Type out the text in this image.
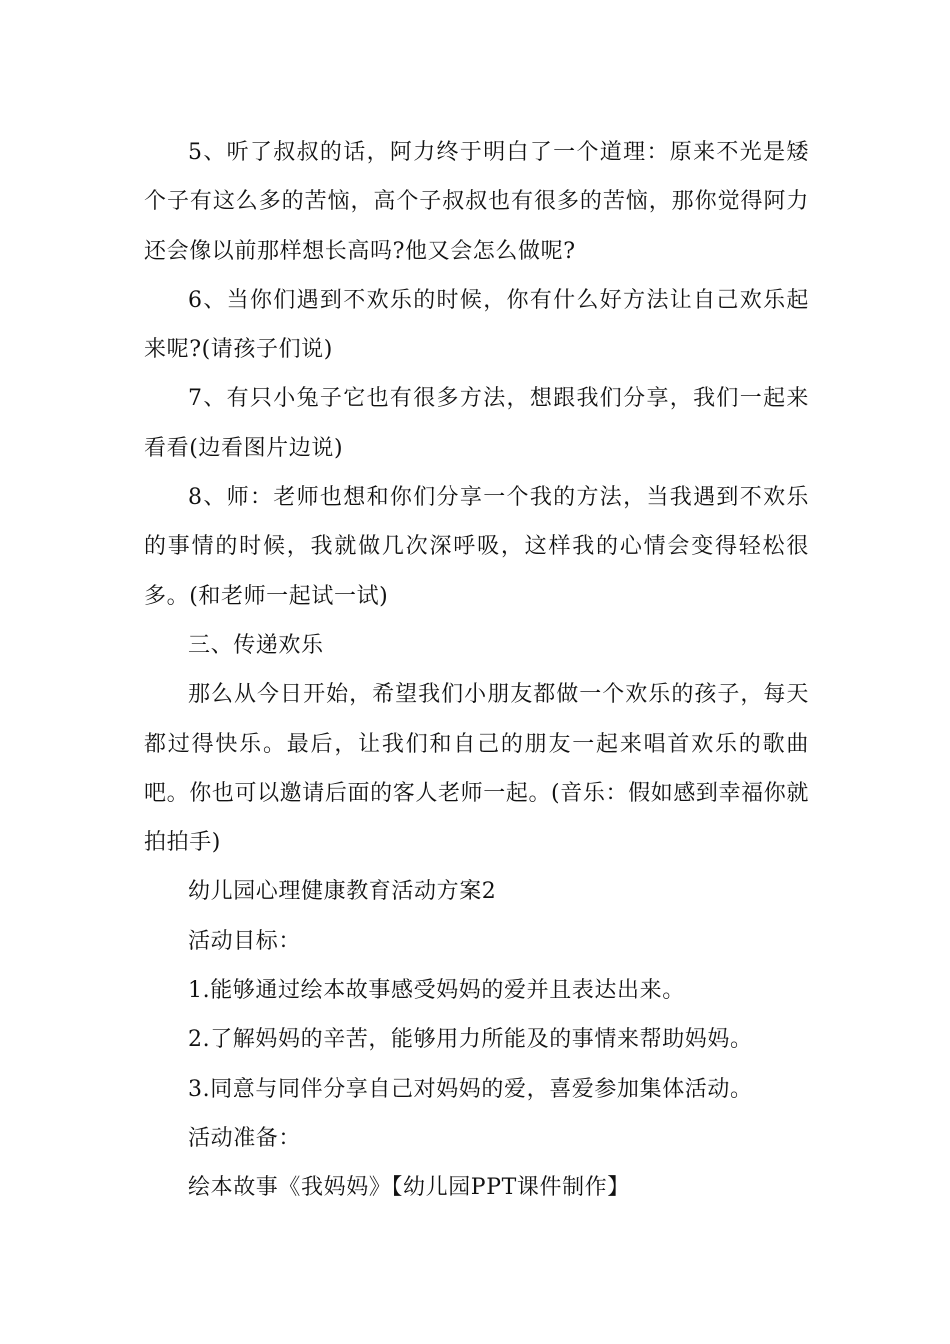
5、听了叔叔的话，阿力终于明白了一个道理：原来不光是矮个子有这么多的苦恼，高个子叔叔也有很多的苦恼，那你觉得阿力还会像以前那样想长高吗?他又会怎么做呢?

6、当你们遇到不欢乐的时候，你有什么好方法让自己欢乐起来呢?(请孩子们说)

7、有只小兔子它也有很多方法，想跟我们分享，我们一起来看看(边看图片边说)

8、师：老师也想和你们分享一个我的方法，当我遇到不欢乐的事情的时候，我就做几次深呼吸，这样我的心情会变得轻松很多。(和老师一起试一试)

三、传递欢乐

那么从今日开始，希望我们小朋友都做一个欢乐的孩子，每天都过得快乐。最后，让我们和自己的朋友一起来唱首欢乐的歌曲吧。你也可以邀请后面的客人老师一起。(音乐：假如感到幸福你就拍拍手)

幼儿园心理健康教育活动方案2

活动目标：

1.能够通过绘本故事感受妈妈的爱并且表达出来。

2.了解妈妈的辛苦，能够用力所能及的事情来帮助妈妈。

3.同意与同伴分享自己对妈妈的爱，喜爱参加集体活动。

活动准备：

绘本故事《我妈妈》【幼儿园PPT课件制作】
